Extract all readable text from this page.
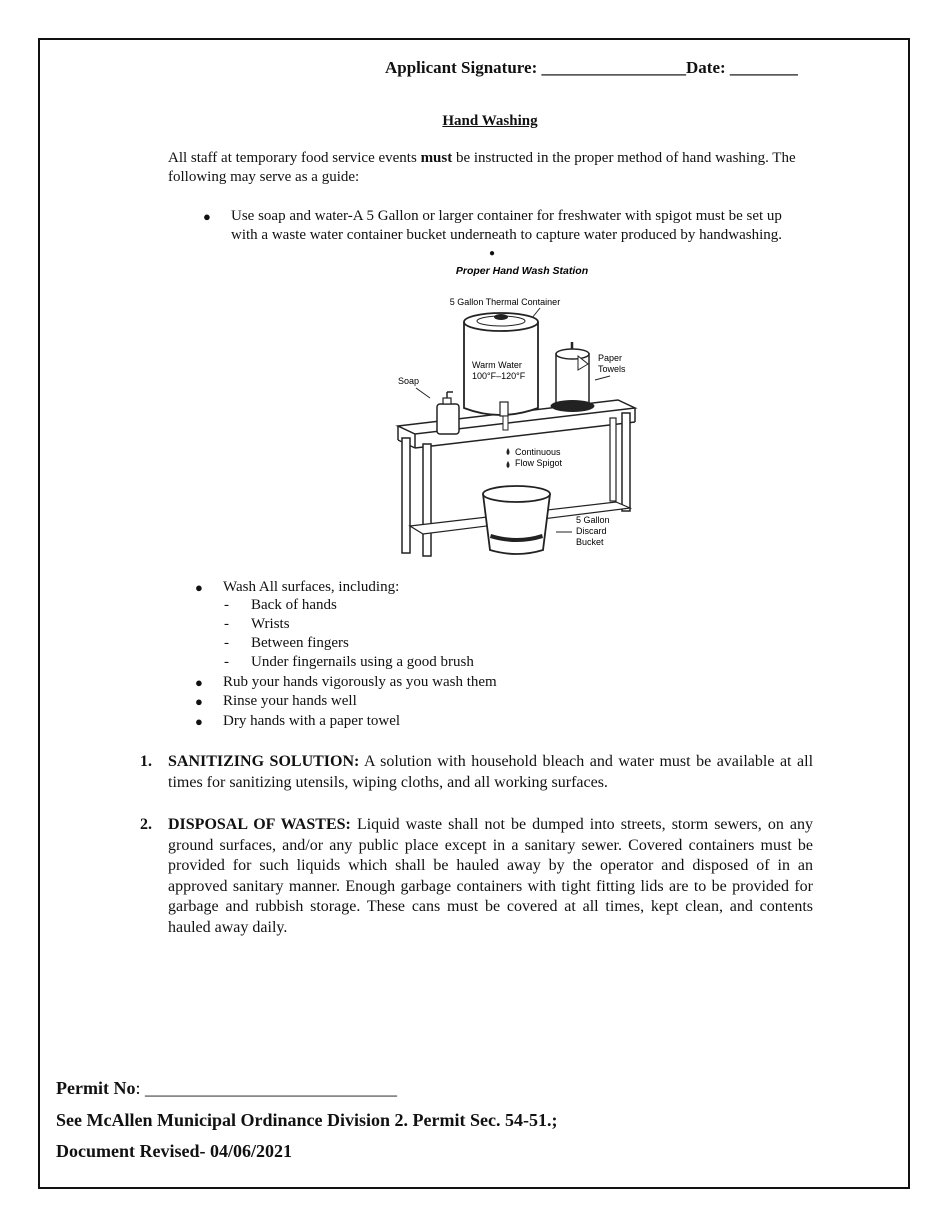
Applicant Signature: _________________Date: ________
Hand Washing
All staff at temporary food service events must be instructed in the proper method of hand washing. The following may serve as a guide:
● Use soap and water-A 5 Gallon or larger container for freshwater with spigot must be set up with a waste water container bucket underneath to capture water produced by handwashing.
●
Proper Hand Wash Station
5 Gallon Thermal Container
Warm Water
100°F–120°F
Continuous
Flow Spigot
Soap
Paper
Towels
5 Gallon
Discard
Bucket
● Wash All surfaces, including:
- Back of hands
- Wrists
- Between fingers
- Under fingernails using a good brush
● Rub your hands vigorously as you wash them
● Rinse your hands well
● Dry hands with a paper towel
1. SANITIZING SOLUTION: A solution with household bleach and water must be available at all times for sanitizing utensils, wiping cloths, and all working surfaces.
2. DISPOSAL OF WASTES: Liquid waste shall not be dumped into streets, storm sewers, on any ground surfaces, and/or any public place except in a sanitary sewer. Covered containers must be provided for such liquids which shall be hauled away by the operator and disposed of in an approved sanitary manner. Enough garbage containers with tight fitting lids are to be provided for garbage and rubbish storage. These cans must be covered at all times, kept clean, and contents hauled away daily.
Permit No: ____________________________
See McAllen Municipal Ordinance Division 2. Permit Sec. 54-51.;
Document Revised- 04/06/2021
